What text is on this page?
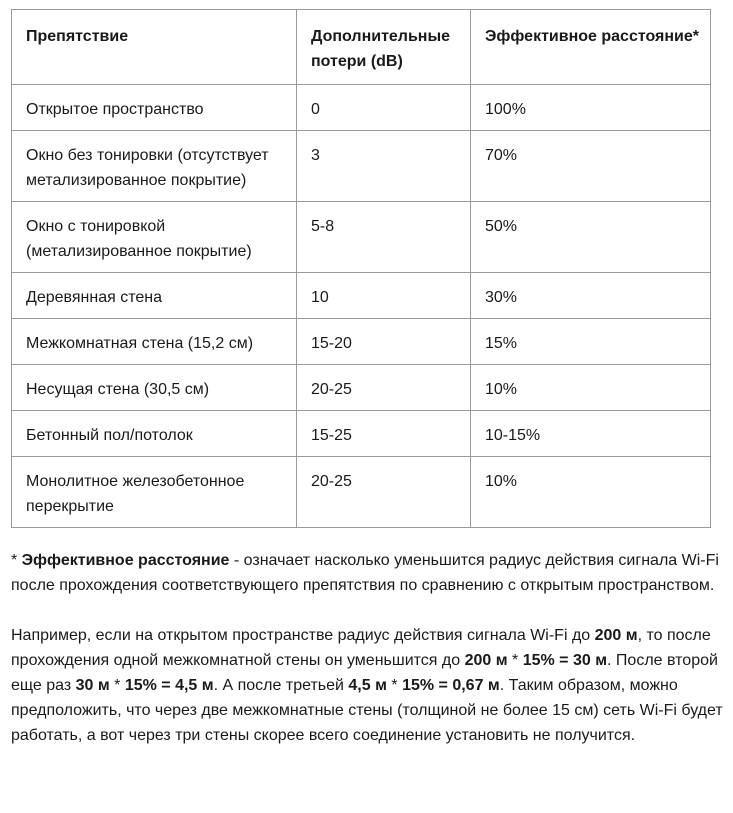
Препятствие	Дополнительные потери (dB)	Эффективное расстояние*
Открытое пространство	0	100%
Окно без тонировки (отсутствует метализированное покрытие)	3	70%
Окно с тонировкой (метализированное покрытие)	5-8	50%
Деревянная стена	10	30%
Межкомнатная стена (15,2 см)	15-20	15%
Несущая стена (30,5 см)	20-25	10%
Бетонный пол/потолок	15-25	10-15%
Монолитное железобетонное перекрытие	20-25	10%

* Эффективное расстояние - означает насколько уменьшится радиус действия сигнала Wi-Fi после прохождения соответствующего препятствия по сравнению с открытым пространством.

Например, если на открытом пространстве радиус действия сигнала Wi-Fi до 200 м, то после прохождения одной межкомнатной стены он уменьшится до 200 м * 15% = 30 м. После второй еще раз 30 м * 15% = 4,5 м. А после третьей 4,5 м * 15% = 0,67 м. Таким образом, можно предположить, что через две межкомнатные стены (толщиной не более 15 см) сеть Wi-Fi будет работать, а вот через три стены скорее всего соединение установить не получится.
